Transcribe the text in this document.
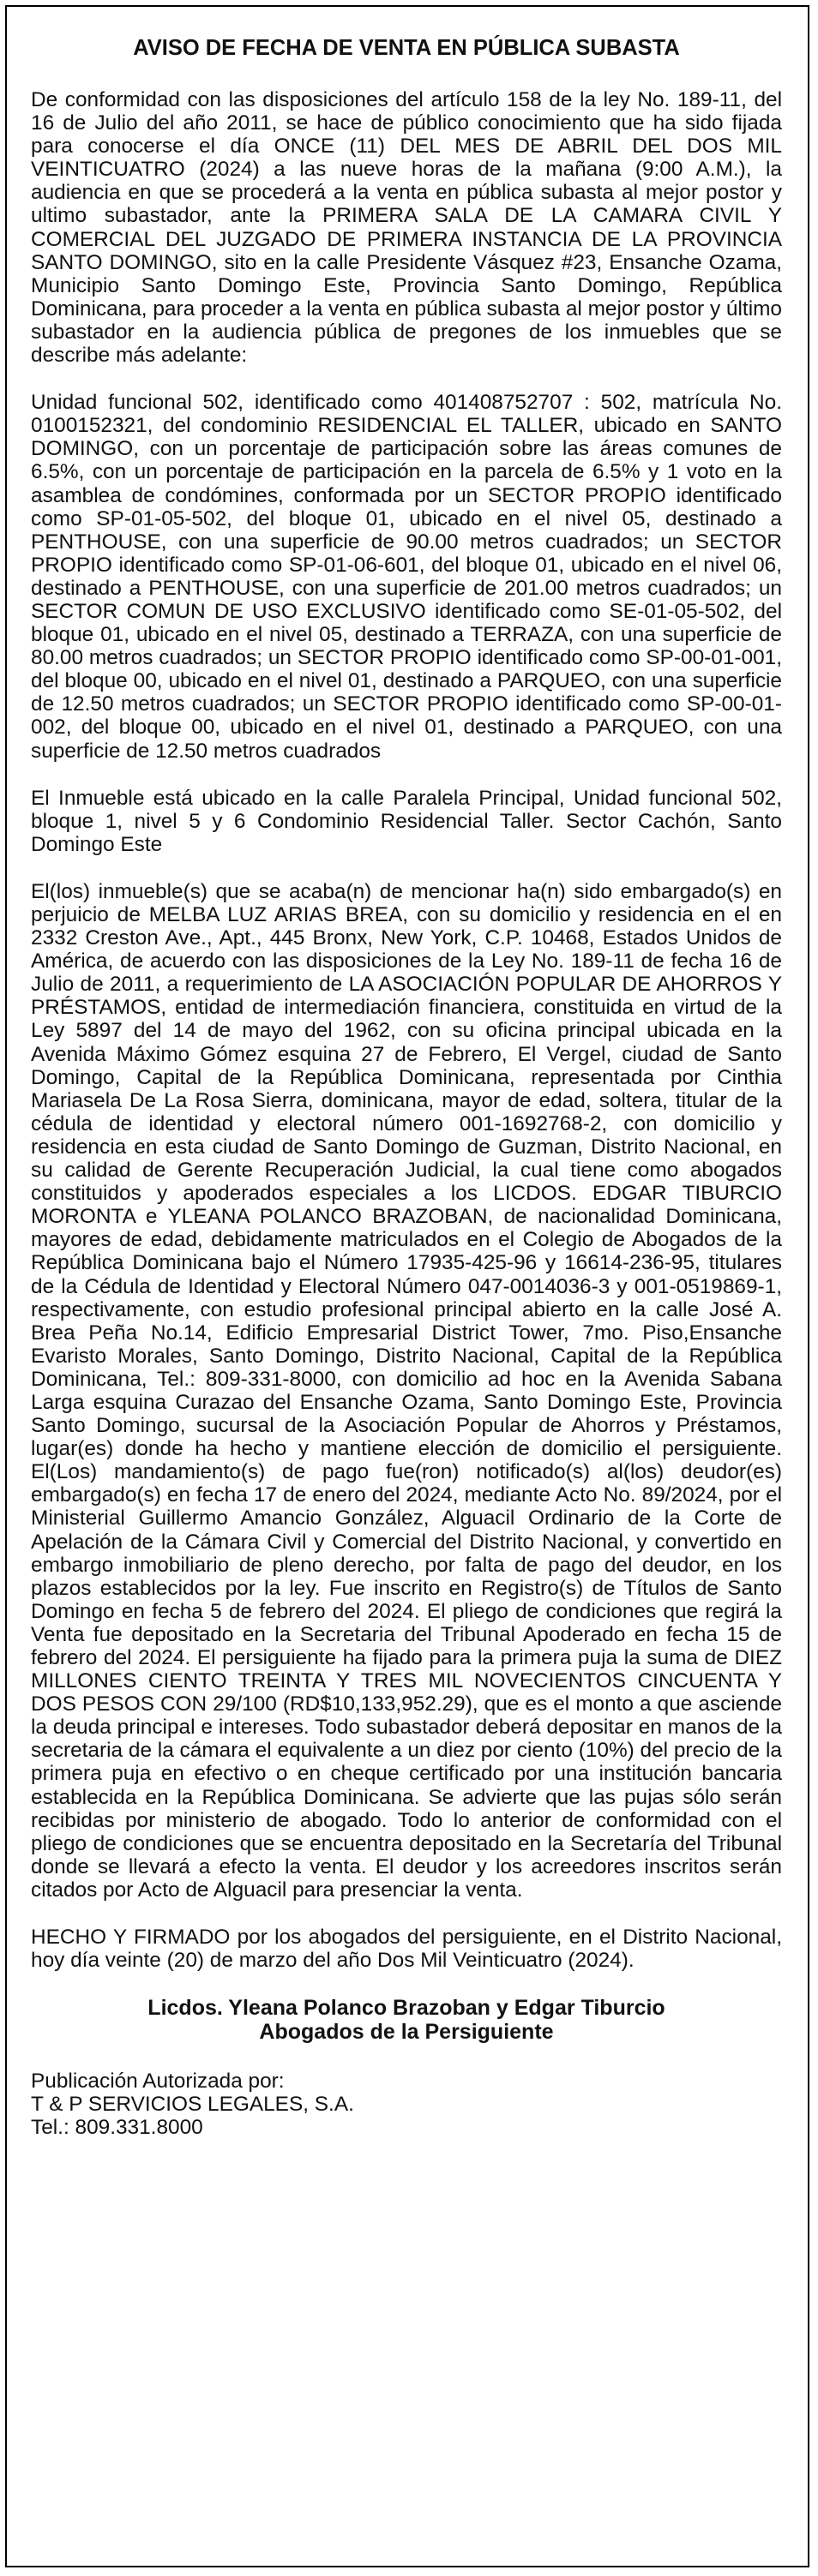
AVISO DE FECHA DE VENTA EN PÚBLICA SUBASTA

De conformidad con las disposiciones del artículo 158 de la ley No. 189-11, del 16 de Julio del año 2011, se hace de público conocimiento que ha sido fijada para conocerse el día ONCE (11) DEL MES DE ABRIL DEL DOS MIL VEINTICUATRO (2024) a las nueve horas de la mañana (9:00 A.M.), la audiencia en que se procederá a la venta en pública subasta al mejor postor y ultimo subastador, ante la PRIMERA SALA DE LA CAMARA CIVIL Y COMERCIAL DEL JUZGADO DE PRIMERA INSTANCIA DE LA PROVINCIA SANTO DOMINGO, sito en la calle Presidente Vásquez #23, Ensanche Ozama, Municipio Santo Domingo Este, Provincia Santo Domingo, República Dominicana, para proceder a la venta en pública subasta al mejor postor y último subastador en la audiencia pública de pregones de los inmuebles que se describe más adelante:

Unidad funcional 502, identificado como 401408752707 : 502, matrícula No. 0100152321, del condominio RESIDENCIAL EL TALLER, ubicado en SANTO DOMINGO, con un porcentaje de participación sobre las áreas comunes de 6.5%, con un porcentaje de participación en la parcela de 6.5% y 1 voto en la asamblea de condómines, conformada por un SECTOR PROPIO identificado como SP-01-05-502, del bloque 01, ubicado en el nivel 05, destinado a PENTHOUSE, con una superficie de 90.00 metros cuadrados; un SECTOR PROPIO identificado como SP-01-06-601, del bloque 01, ubicado en el nivel 06, destinado a PENTHOUSE, con una superficie de 201.00 metros cuadrados; un SECTOR COMUN DE USO EXCLUSIVO identificado como SE-01-05-502, del bloque 01, ubicado en el nivel 05, destinado a TERRAZA, con una superficie de 80.00 metros cuadrados; un SECTOR PROPIO identificado como SP-00-01-001, del bloque 00, ubicado en el nivel 01, destinado a PARQUEO, con una superficie de 12.50 metros cuadrados; un SECTOR PROPIO identificado como SP-00-01-002, del bloque 00, ubicado en el nivel 01, destinado a PARQUEO, con una superficie de 12.50 metros cuadrados

El Inmueble está ubicado en la calle Paralela Principal, Unidad funcional 502, bloque 1, nivel 5 y 6 Condominio Residencial Taller. Sector Cachón, Santo Domingo Este

El(los) inmueble(s) que se acaba(n) de mencionar ha(n) sido embargado(s) en perjuicio de MELBA LUZ ARIAS BREA, con su domicilio y residencia en el en 2332 Creston Ave., Apt., 445 Bronx, New York, C.P. 10468, Estados Unidos de América, de acuerdo con las disposiciones de la Ley No. 189-11 de fecha 16 de Julio de 2011, a requerimiento de LA ASOCIACIÓN POPULAR DE AHORROS Y PRÉSTAMOS, entidad de intermediación financiera, constituida en virtud de la Ley 5897 del 14 de mayo del 1962, con su oficina principal ubicada en la Avenida Máximo Gómez esquina 27 de Febrero, El Vergel, ciudad de Santo Domingo, Capital de la República Dominicana, representada por Cinthia Mariasela De La Rosa Sierra, dominicana, mayor de edad, soltera, titular de la cédula de identidad y electoral número 001-1692768-2, con domicilio y residencia en esta ciudad de Santo Domingo de Guzman, Distrito Nacional, en su calidad de Gerente Recuperación Judicial, la cual tiene como abogados constituidos y apoderados especiales a los LICDOS. EDGAR TIBURCIO MORONTA e YLEANA POLANCO BRAZOBAN, de nacionalidad Dominicana, mayores de edad, debidamente matriculados en el Colegio de Abogados de la República Dominicana bajo el Número 17935-425-96 y 16614-236-95, titulares de la Cédula de Identidad y Electoral Número 047-0014036-3 y 001-0519869-1, respectivamente, con estudio profesional principal abierto en la calle José A. Brea Peña No.14, Edificio Empresarial District Tower, 7mo. Piso,Ensanche Evaristo Morales, Santo Domingo, Distrito Nacional, Capital de la República Dominicana, Tel.: 809-331-8000, con domicilio ad hoc en la Avenida Sabana Larga esquina Curazao del Ensanche Ozama, Santo Domingo Este, Provincia Santo Domingo, sucursal de la Asociación Popular de Ahorros y Préstamos, lugar(es) donde ha hecho y mantiene elección de domicilio el persiguiente. El(Los) mandamiento(s) de pago fue(ron) notificado(s) al(los) deudor(es) embargado(s) en fecha 17 de enero del 2024, mediante Acto No. 89/2024, por el Ministerial Guillermo Amancio González, Alguacil Ordinario de la Corte de Apelación de la Cámara Civil y Comercial del Distrito Nacional, y convertido en embargo inmobiliario de pleno derecho, por falta de pago del deudor, en los plazos establecidos por la ley. Fue inscrito en Registro(s) de Títulos de Santo Domingo en fecha 5 de febrero del 2024. El pliego de condiciones que regirá la Venta fue depositado en la Secretaria del Tribunal Apoderado en fecha 15 de febrero del 2024. El persiguiente ha fijado para la primera puja la suma de DIEZ MILLONES CIENTO TREINTA Y TRES MIL NOVECIENTOS CINCUENTA Y DOS PESOS CON 29/100 (RD$10,133,952.29), que es el monto a que asciende la deuda principal e intereses. Todo subastador deberá depositar en manos de la secretaria de la cámara el equivalente a un diez por ciento (10%) del precio de la primera puja en efectivo o en cheque certificado por una institución bancaria establecida en la República Dominicana. Se advierte que las pujas sólo serán recibidas por ministerio de abogado. Todo lo anterior de conformidad con el pliego de condiciones que se encuentra depositado en la Secretaría del Tribunal donde se llevará a efecto la venta. El deudor y los acreedores inscritos serán citados por Acto de Alguacil para presenciar la venta.

HECHO Y FIRMADO por los abogados del persiguiente, en el Distrito Nacional, hoy día veinte (20) de marzo del año Dos Mil Veinticuatro (2024).

Licdos. Yleana Polanco Brazoban y Edgar Tiburcio
Abogados de la Persiguiente
Publicación Autorizada por:
T & P SERVICIOS LEGALES, S.A.
Tel.: 809.331.8000
